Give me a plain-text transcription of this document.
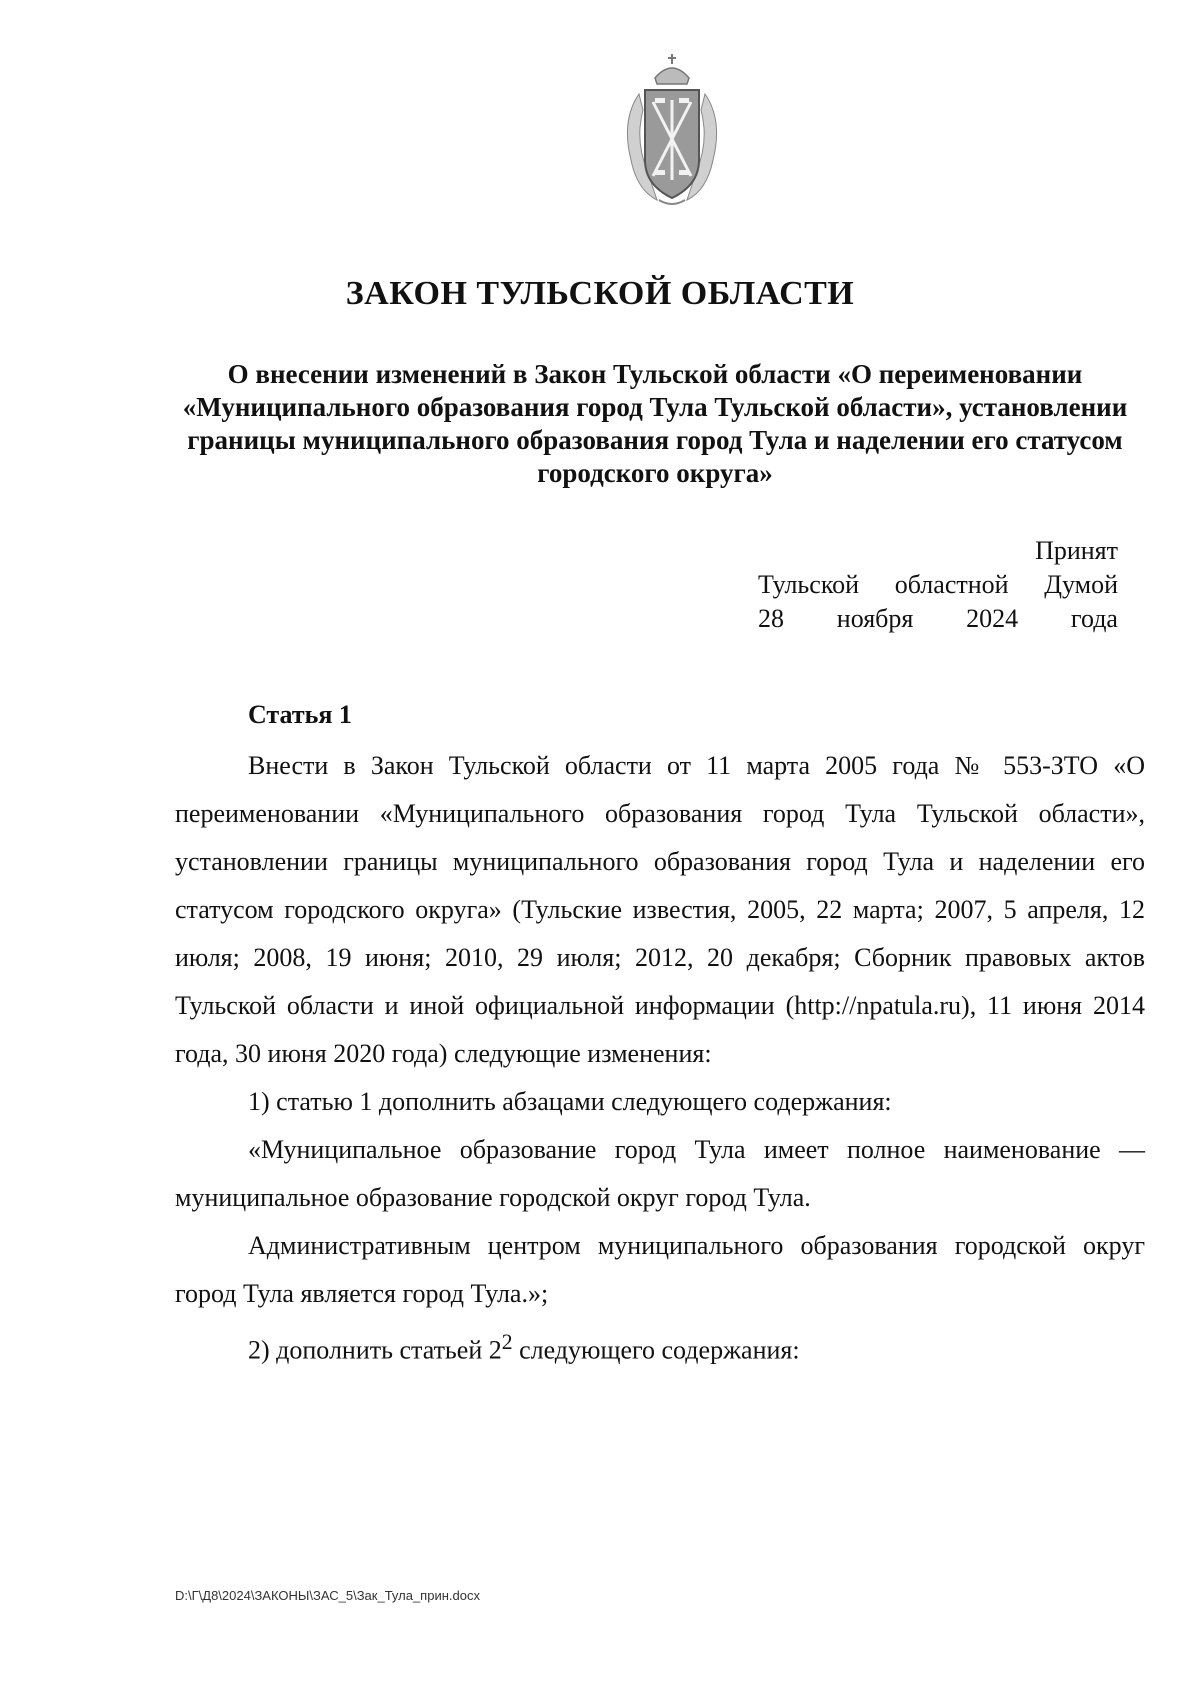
ЗАКОН ТУЛЬСКОЙ ОБЛАСТИ
О внесении изменений в Закон Тульской области «О переименовании «Муниципального образования город Тула Тульской области», установлении границы муниципального образования город Тула и наделении его статусом городского округа»
Принят
Тульской областной Думой
28 ноября 2024 года
Статья 1

Внести в Закон Тульской области от 11 марта 2005 года № 553-ЗТО «О переименовании «Муниципального образования город Тула Тульской области», установлении границы муниципального образования город Тула и наделении его статусом городского округа» (Тульские известия, 2005, 22 марта; 2007, 5 апреля, 12 июля; 2008, 19 июня; 2010, 29 июля; 2012, 20 декабря; Сборник правовых актов Тульской области и иной официальной информации (http://npatula.ru), 11 июня 2014 года, 30 июня 2020 года) следующие изменения:

1) статью 1 дополнить абзацами следующего содержания:

«Муниципальное образование город Тула имеет полное наименование — муниципальное образование городской округ город Тула.

Административным центром муниципального образования городской округ город Тула является город Тула.»;

2) дополнить статьей $2^2$ следующего содержания:

D:\Г\Д8\2024\ЗАКОНЫ\ЗАС_5\Зак_Тула_прин.docx
